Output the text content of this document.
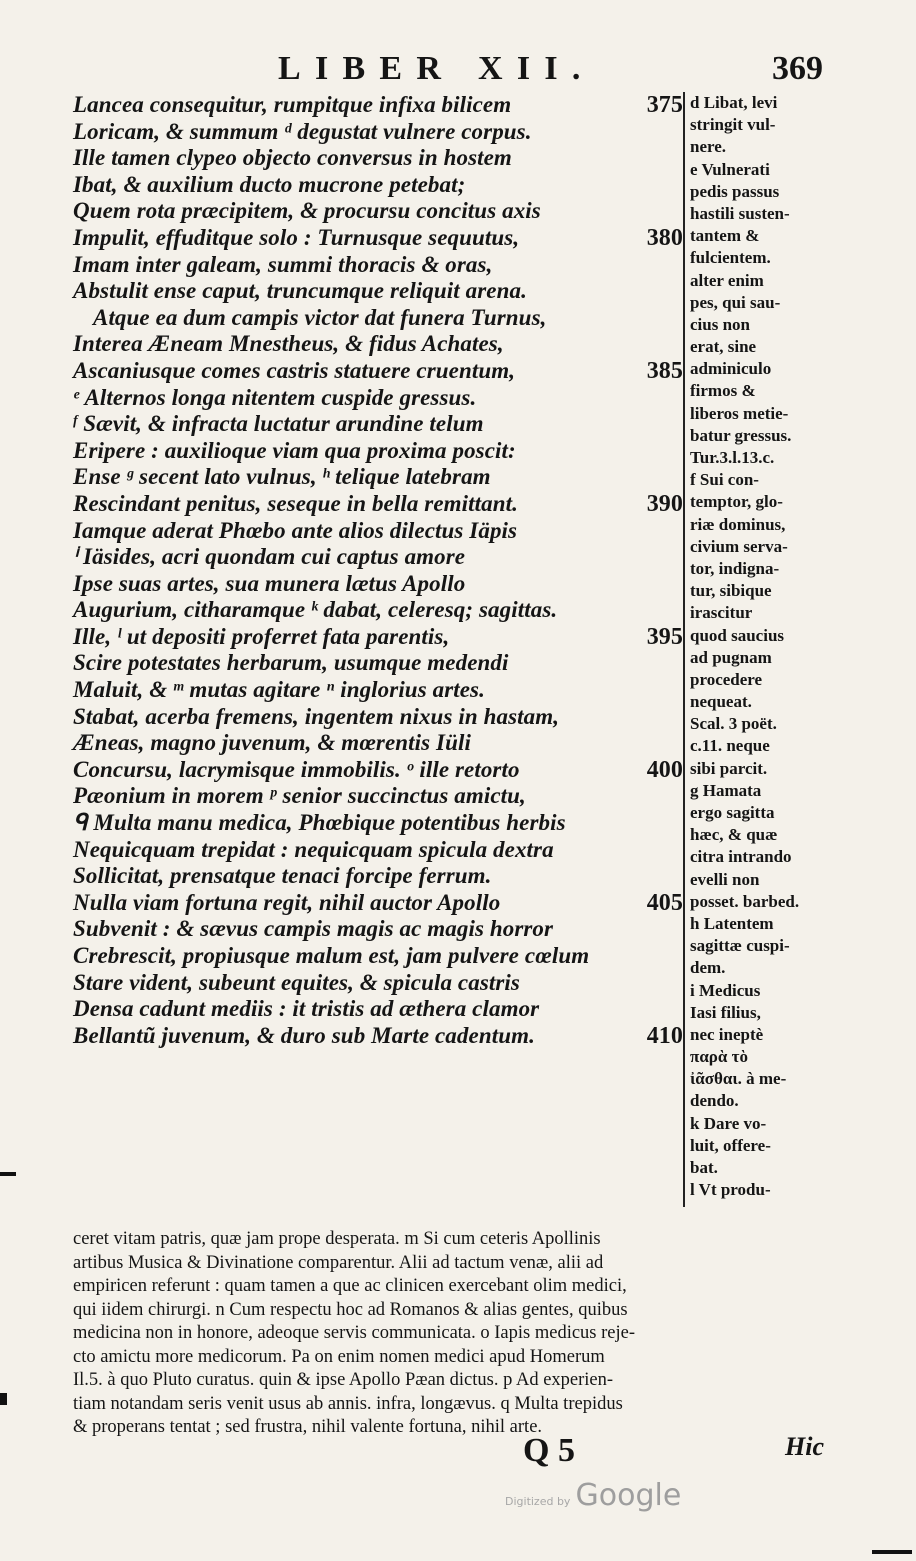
LIBER XII.	369
Lancea consequitur, rumpitque infixa bilicem	375
Loricam, & summum ᵈ degustat vulnere corpus.
Ille tamen clypeo objecto conversus in hostem
Ibat, & auxilium ducto mucrone petebat;
Quem rota præcipitem, & procursu concitus axis
Impulit, effuditque solo : Turnusque sequutus,	380
Imam inter galeam, summi thoracis & oras,
Abstulit ense caput, truncumque reliquit arena.
Atque ea dum campis victor dat funera Turnus,
Interea Æneam Mnestheus, & fidus Achates,
Ascaniusque comes castris statuere cruentum,	385
ᵉ Alternos longa nitentem cuspide gressus.
ᶠ Sævit, & infracta luctatur arundine telum
Eripere : auxilioque viam qua proxima poscit:
Ense ᵍ secent lato vulnus, ʰ telique latebram
Rescindant penitus, seseque in bella remittant.	390
Iamque aderat Phœbo ante alios dilectus Iäpis
ⁱ Iäsides, acri quondam cui captus amore
Ipse suas artes, sua munera lætus Apollo
Augurium, citharamque ᵏ dabat, celeresq; sagittas.
Ille, ˡ ut depositi proferret fata parentis,	395
Scire potestates herbarum, usumque medendi
Maluit, & ᵐ mutas agitare ⁿ inglorius artes.
Stabat, acerba fremens, ingentem nixus in hastam,
Æneas, magno juvenum, & mœrentis Iüli
Concursu, lacrymisque immobilis. ᵒ ille retorto	400
Pæonium in morem ᵖ senior succinctus amictu,
ᑫ Multa manu medica, Phœbique potentibus herbis
Nequicquam trepidat : nequicquam spicula dextra
Sollicitat, prensatque tenaci forcipe ferrum.
Nulla viam fortuna regit, nihil auctor Apollo	405
Subvenit : & sævus campis magis ac magis horror
Crebrescit, propiusque malum est, jam pulvere cœlum
Stare vident, subeunt equites, & spicula castris
Densa cadunt mediis : it tristis ad æthera clamor
Bellantũ juvenum, & duro sub Marte cadentum.	410
d Libat, levi
stringit vul-
nere.
e Vulnerati
pedis passus
hastili susten-
tantem &
fulcientem.
alter enim
pes, qui sau-
cius non
erat, sine
adminiculo
firmos &
liberos metie-
batur gressus.
Tur.3.l.13.c.
f Sui con-
temptor, glo-
riæ dominus,
civium serva-
tor, indigna-
tur, sibique
irascitur
quod saucius
ad pugnam
procedere
nequeat.
Scal. 3 poët.
c.11. neque
sibi parcit.
g Hamata
ergo sagitta
hæc, & quæ
citra intrando
evelli non
posset. barbed.
h Latentem
sagittæ cuspi-
dem.
i Medicus
Iasi filius,
nec ineptè
παρὰ τὸ
ἰᾶσθαι. à me-
dendo.
k Dare vo-
luit, offere-
bat.
l Vt produ-
ceret vitam patris, quæ jam prope desperata. m Si cum ceteris Apollinis
artibus Musica & Divinatione comparentur. Alii ad tactum venæ, alii ad
empiricen referunt : quam tamen a que ac clinicen exercebant olim medici,
qui iidem chirurgi. n Cum respectu hoc ad Romanos & alias gentes, quibus
medicina non in honore, adeoque servis communicata. o Iapis medicus reje-
cto amictu more medicorum. Pa on enim nomen medici apud Homerum
Il.5. à quo Pluto curatus. quin & ipse Apollo Pæan dictus. p Ad experien-
tiam notandam seris venit usus ab annis. infra, longævus. q Multa trepidus
& properans tentat ; sed frustra, nihil valente fortuna, nihil arte.
Q 5	Hic
Digitized by Google
